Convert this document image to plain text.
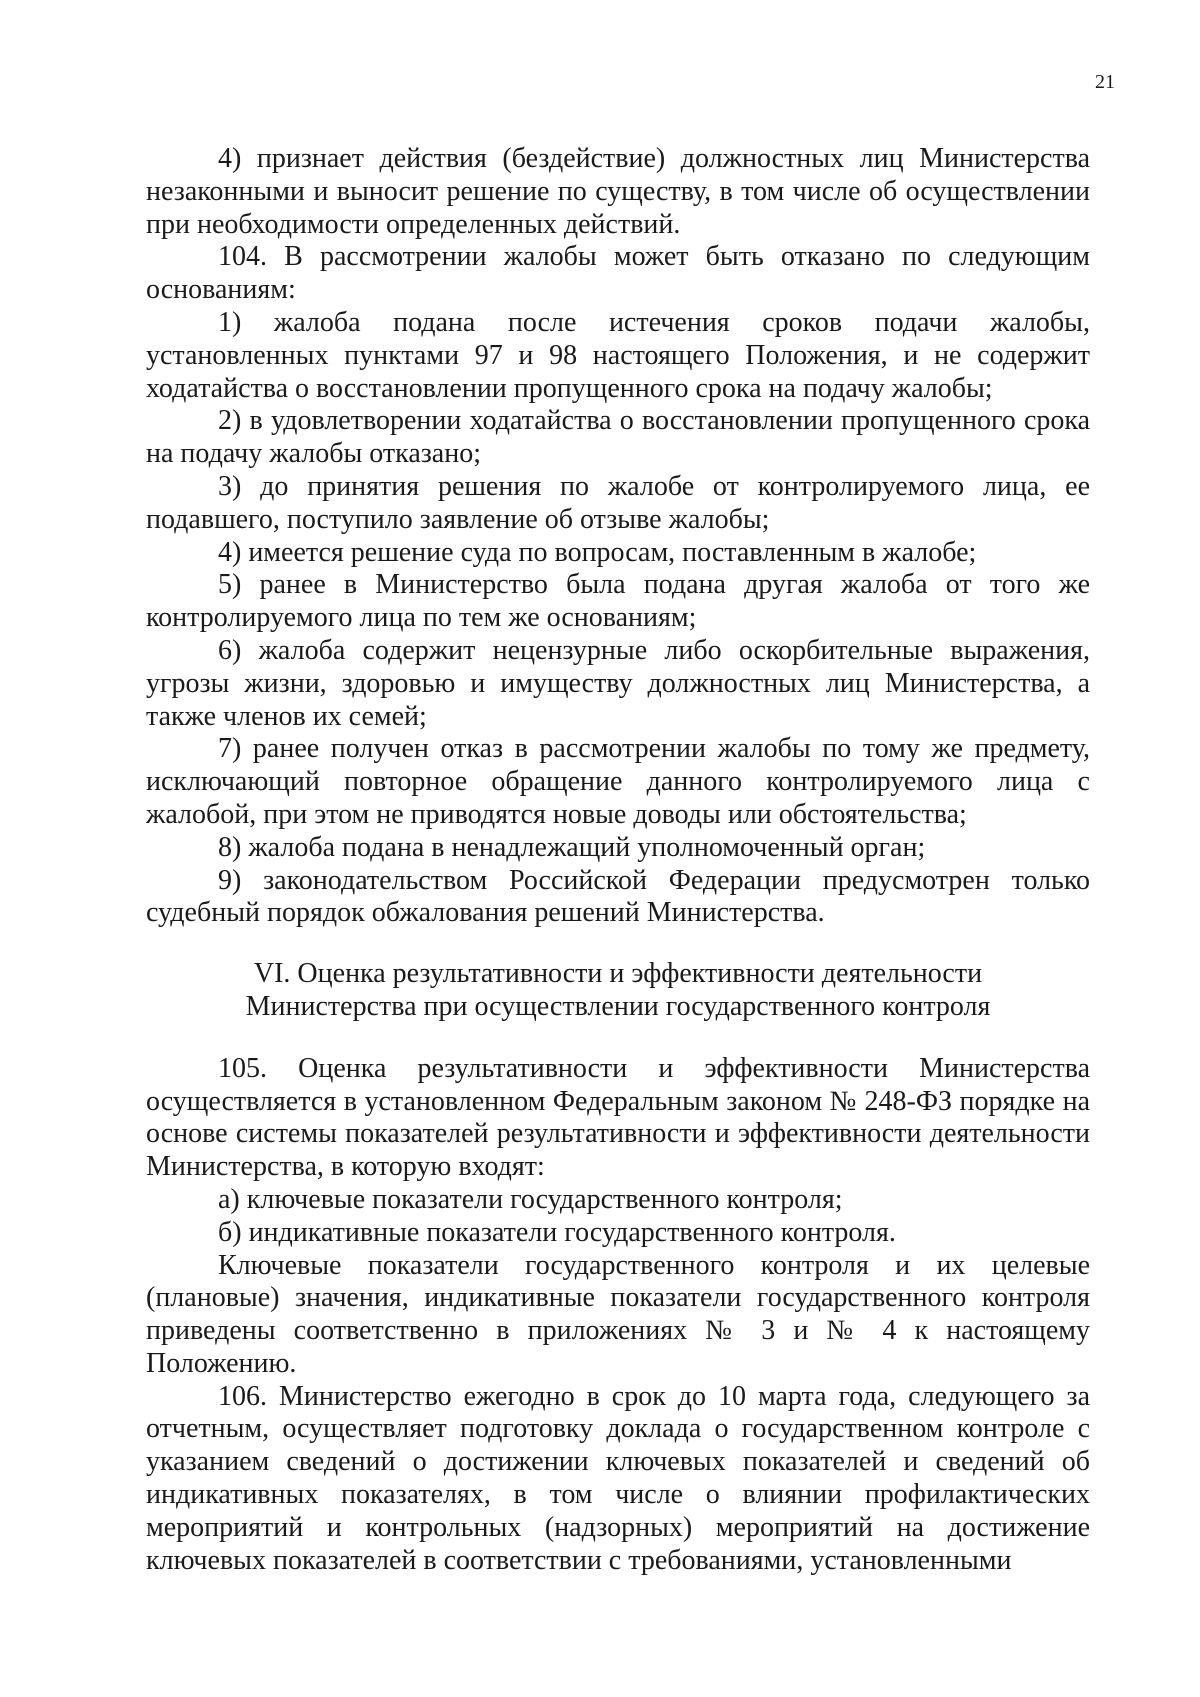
21

4) признает действия (бездействие) должностных лиц Министерства незаконными и выносит решение по существу, в том числе об осуществлении при необходимости определенных действий.

104. В рассмотрении жалобы может быть отказано по следующим основаниям:

1) жалоба подана после истечения сроков подачи жалобы, установленных пунктами 97 и 98 настоящего Положения, и не содержит ходатайства о восстановлении пропущенного срока на подачу жалобы;

2) в удовлетворении ходатайства о восстановлении пропущенного срока на подачу жалобы отказано;

3) до принятия решения по жалобе от контролируемого лица, ее подавшего, поступило заявление об отзыве жалобы;

4) имеется решение суда по вопросам, поставленным в жалобе;

5) ранее в Министерство была подана другая жалоба от того же контролируемого лица по тем же основаниям;

6) жалоба содержит нецензурные либо оскорбительные выражения, угрозы жизни, здоровью и имуществу должностных лиц Министерства, а также членов их семей;

7) ранее получен отказ в рассмотрении жалобы по тому же предмету, исключающий повторное обращение данного контролируемого лица с жалобой, при этом не приводятся новые доводы или обстоятельства;

8) жалоба подана в ненадлежащий уполномоченный орган;

9) законодательством Российской Федерации предусмотрен только судебный порядок обжалования решений Министерства.

VI. Оценка результативности и эффективности деятельности
Министерства при осуществлении государственного контроля

105. Оценка результативности и эффективности Министерства осуществляется в установленном Федеральным законом № 248-ФЗ порядке на основе системы показателей результативности и эффективности деятельности Министерства, в которую входят:

а) ключевые показатели государственного контроля;

б) индикативные показатели государственного контроля.

Ключевые показатели государственного контроля и их целевые (плановые) значения, индикативные показатели государственного контроля приведены соответственно в приложениях № 3 и № 4 к настоящему Положению.

106. Министерство ежегодно в срок до 10 марта года, следующего за отчетным, осуществляет подготовку доклада о государственном контроле с указанием сведений о достижении ключевых показателей и сведений об индикативных показателях, в том числе о влиянии профилактических мероприятий и контрольных (надзорных) мероприятий на достижение ключевых показателей в соответствии с требованиями, установленными
